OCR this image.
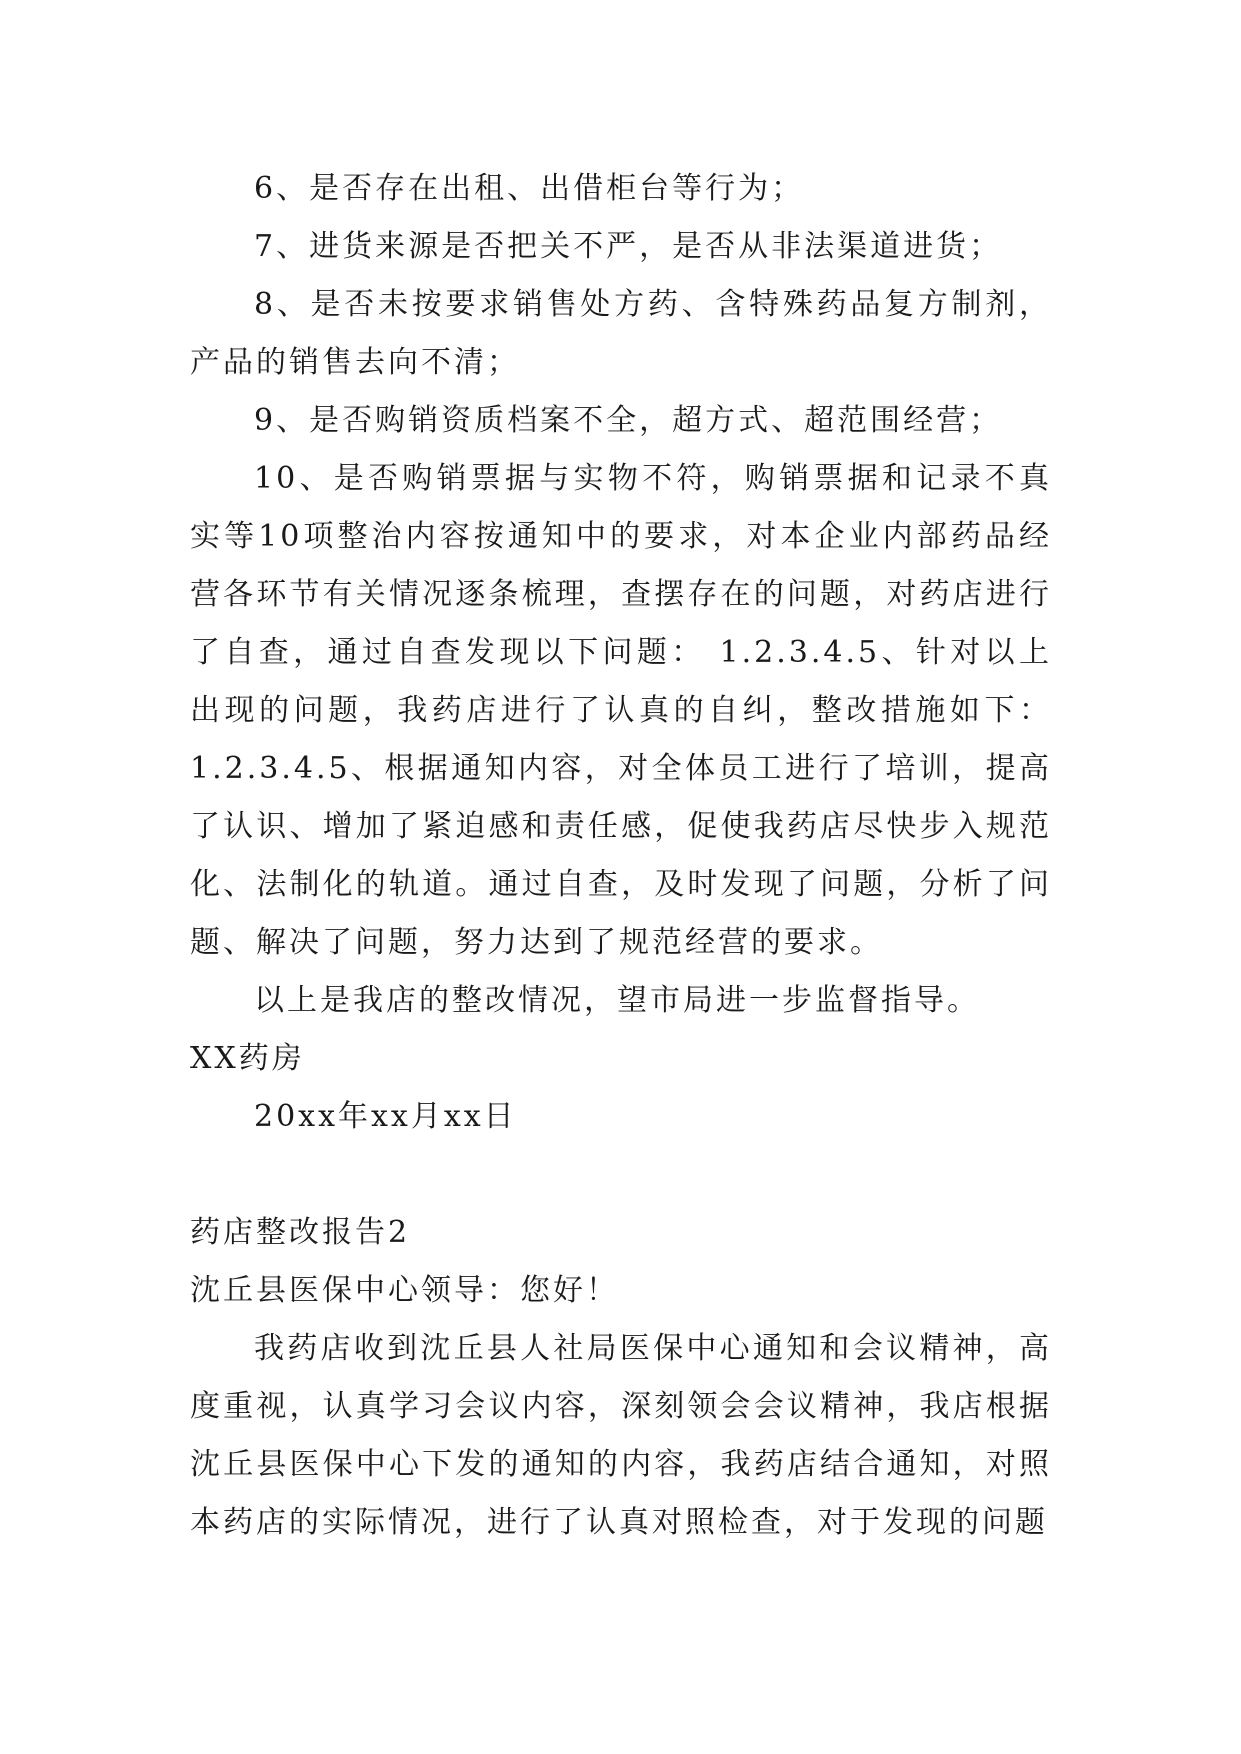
6、是否存在出租、出借柜台等行为；

7、进货来源是否把关不严，是否从非法渠道进货；

8、是否未按要求销售处方药、含特殊药品复方制剂，产品的销售去向不清；

9、是否购销资质档案不全，超方式、超范围经营；

10、是否购销票据与实物不符，购销票据和记录不真实等10项整治内容按通知中的要求，对本企业内部药品经营各环节有关情况逐条梳理，查摆存在的问题，对药店进行了自查，通过自查发现以下问题： 1.2.3.4.5、针对以上出现的问题，我药店进行了认真的自纠，整改措施如下：1.2.3.4.5、根据通知内容，对全体员工进行了培训，提高了认识、增加了紧迫感和责任感，促使我药店尽快步入规范化、法制化的轨道。通过自查，及时发现了问题，分析了问题、解决了问题，努力达到了规范经营的要求。

以上是我店的整改情况，望市局进一步监督指导。

XX药房

20xx年xx月xx日

药店整改报告2

沈丘县医保中心领导：您好！

我药店收到沈丘县人社局医保中心通知和会议精神，高度重视，认真学习会议内容，深刻领会会议精神，我店根据沈丘县医保中心下发的通知的内容，我药店结合通知，对照本药店的实际情况，进行了认真对照检查，对于发现的问题
